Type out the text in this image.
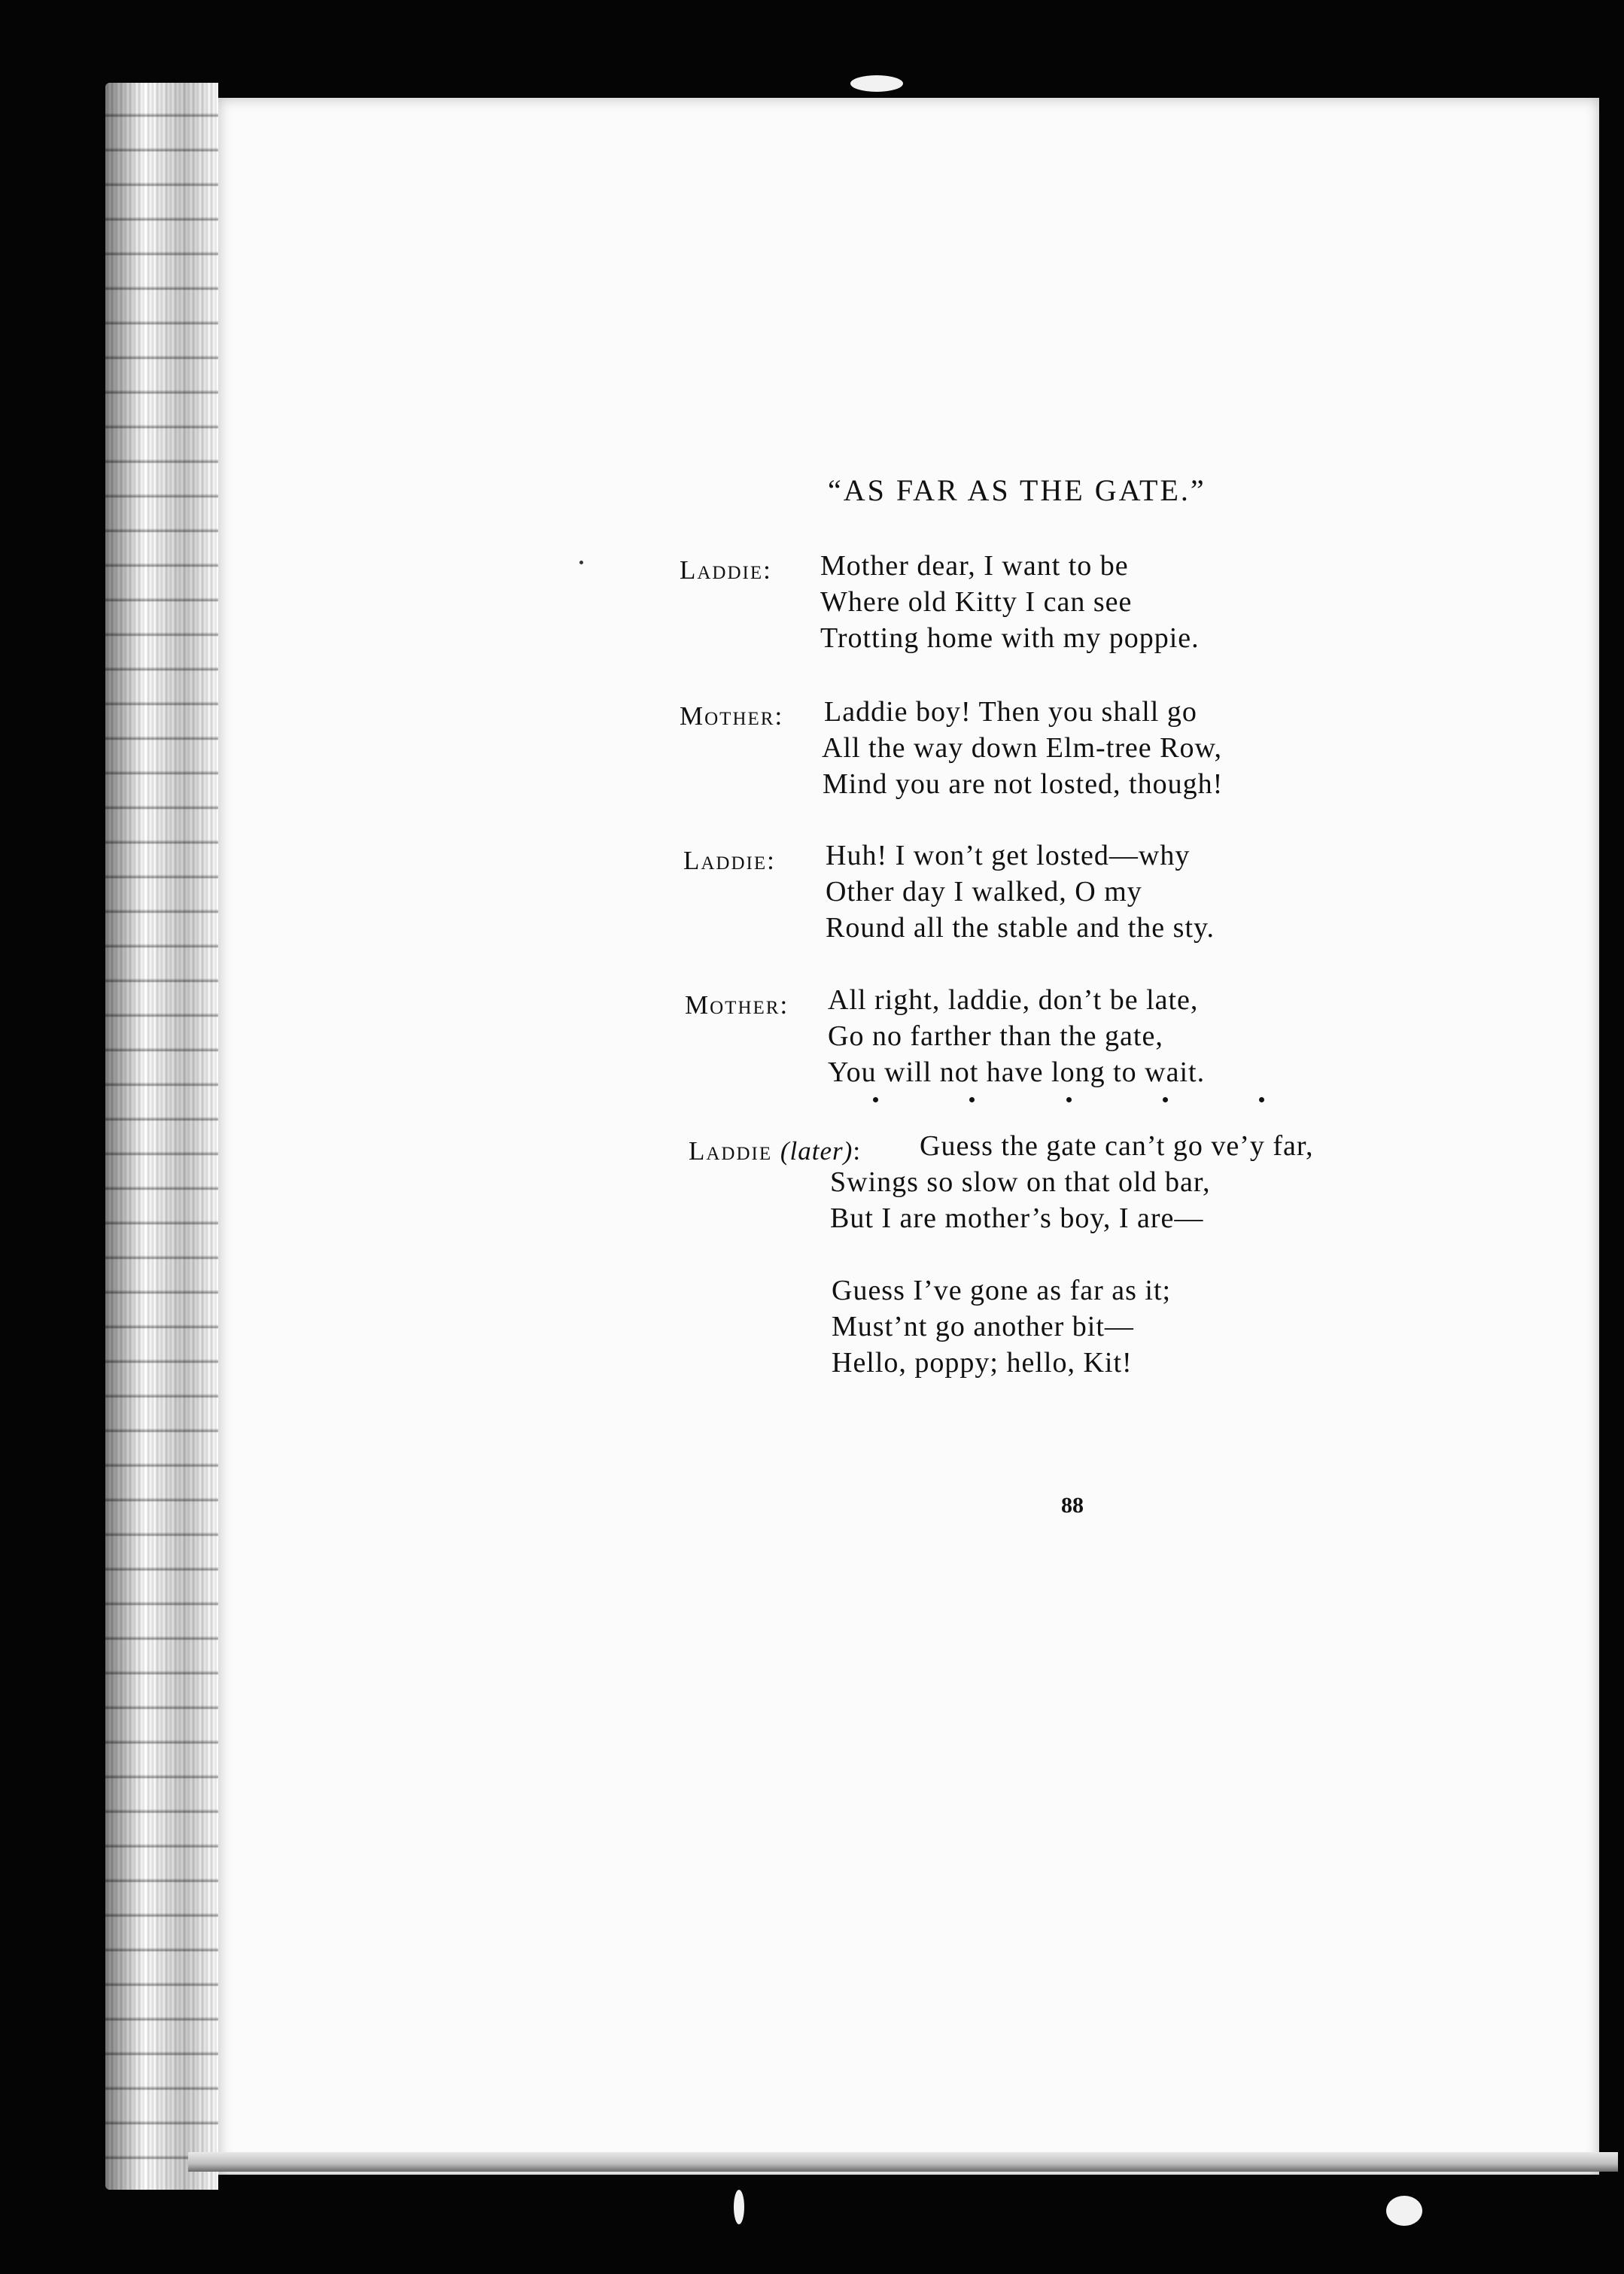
“AS FAR AS THE GATE.”
Laddie: Mother dear, I want to be
Where old Kitty I can see
Trotting home with my poppie.
Mother: Laddie boy! Then you shall go
All the way down Elm-tree Row,
Mind you are not losted, though!
Laddie: Huh! I won’t get losted—why
Other day I walked, O my
Round all the stable and the sty.
Mother: All right, laddie, don’t be late,
Go no farther than the gate,
You will not have long to wait.
Laddie (later): Guess the gate can’t go ve’y far,
Swings so slow on that old bar,
But I are mother’s boy, I are—
Guess I’ve gone as far as it;
Must’nt go another bit—
Hello, poppy; hello, Kit!
88
